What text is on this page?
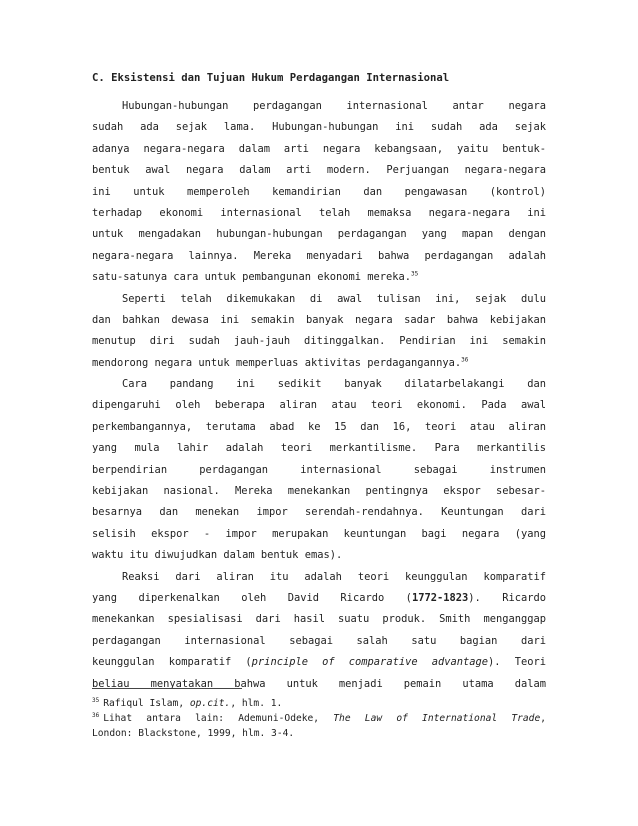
C. Eksistensi dan Tujuan Hukum Perdagangan Internasional
Hubungan-hubungan perdagangan internasional antar negara
sudah ada sejak lama. Hubungan-hubungan ini sudah ada sejak
adanya negara-negara dalam arti negara kebangsaan, yaitu bentuk-
bentuk awal negara dalam arti modern. Perjuangan negara-negara
ini untuk memperoleh kemandirian dan pengawasan (kontrol)
terhadap ekonomi internasional telah memaksa negara-negara ini
untuk mengadakan hubungan-hubungan perdagangan yang mapan dengan
negara-negara lainnya. Mereka menyadari bahwa perdagangan adalah
satu-satunya cara untuk pembangunan ekonomi mereka.$^{35}$
Seperti telah dikemukakan di awal tulisan ini, sejak dulu
dan bahkan dewasa ini semakin banyak negara sadar bahwa kebijakan
menutup diri sudah jauh-jauh ditinggalkan. Pendirian ini semakin
mendorong negara untuk memperluas aktivitas perdagangannya.$^{36}$
Cara pandang ini sedikit banyak dilatarbelakangi dan
dipengaruhi oleh beberapa aliran atau teori ekonomi. Pada awal
perkembangannya, terutama abad ke 15 dan 16, teori atau aliran
yang mula lahir adalah teori merkantilisme. Para merkantilis
berpendirian perdagangan internasional sebagai instrumen
kebijakan nasional. Mereka menekankan pentingnya ekspor sebesar-
besarnya dan menekan impor serendah-rendahnya. Keuntungan dari
selisih ekspor - impor merupakan keuntungan bagi negara (yang
waktu itu diwujudkan dalam bentuk emas).
Reaksi dari aliran itu adalah teori keunggulan komparatif
yang diperkenalkan oleh David Ricardo (1772-1823). Ricardo
menekankan spesialisasi dari hasil suatu produk. Smith menganggap
perdagangan internasional sebagai salah satu bagian dari
keunggulan komparatif (principle of comparative advantage). Teori
beliau menyatakan bahwa untuk menjadi pemain utama dalam
$^{35}$ Rafiqul Islam, op.cit., hlm. 1.
$^{36}$ Lihat antara lain: Ademuni-Odeke, The Law of International Trade,
London: Blackstone, 1999, hlm. 3-4.
